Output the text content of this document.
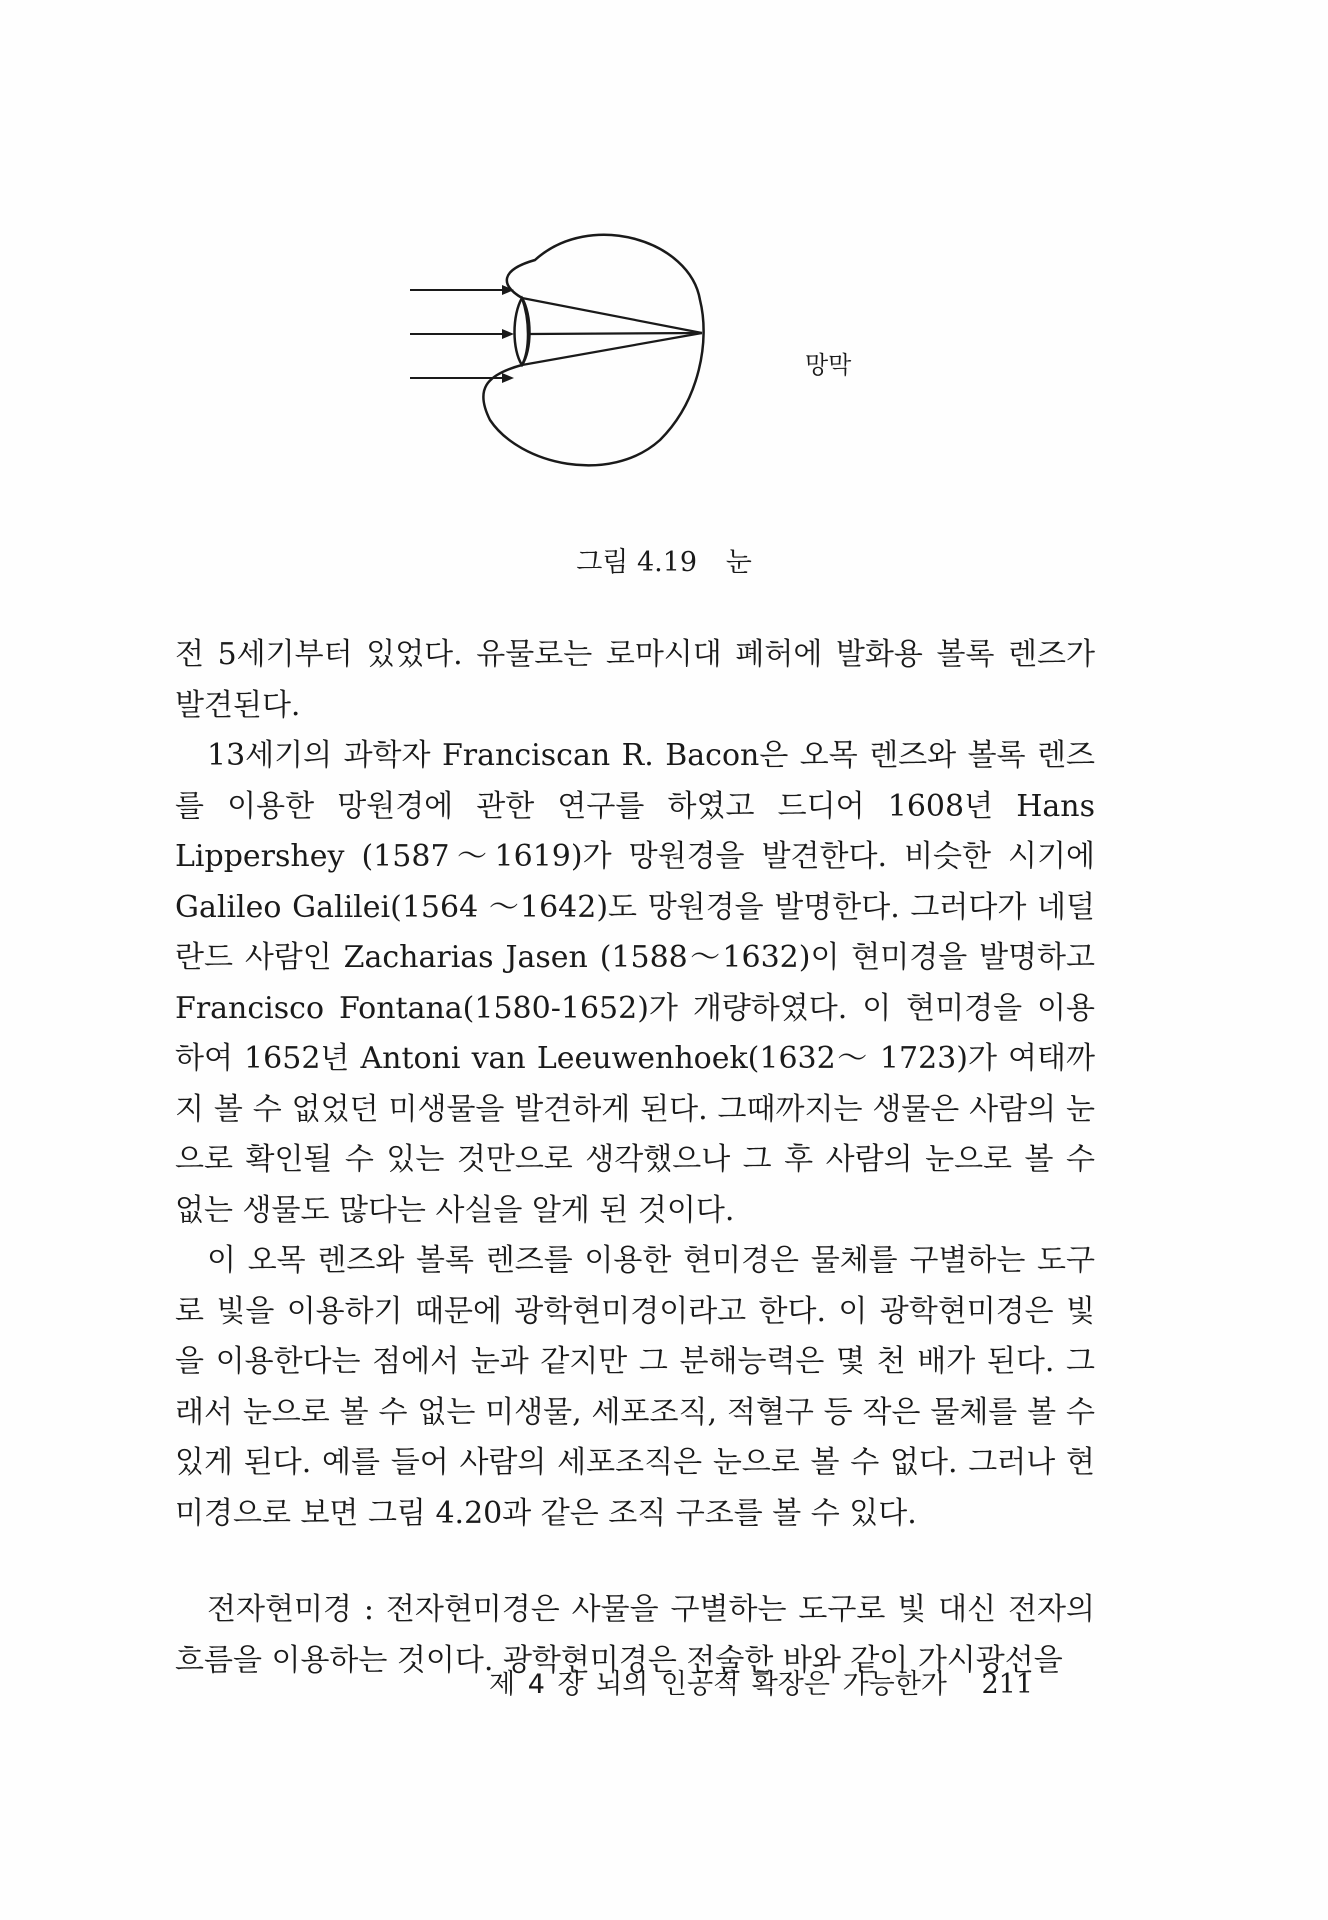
망막
그림 4.19 눈

전 5세기부터 있었다. 유물로는 로마시대 폐허에 발화용 볼록 렌즈가 발견된다.

13세기의 과학자 Franciscan R. Bacon은 오목 렌즈와 볼록 렌즈를 이용한 망원경에 관한 연구를 하였고 드디어 1608년 Hans Lippershey (1587～1619)가 망원경을 발견한다. 비슷한 시기에 Galileo Galilei(1564 ～1642)도 망원경을 발명한다. 그러다가 네덜란드 사람인 Zacharias Jasen (1588～1632)이 현미경을 발명하고 Francisco Fontana(1580-1652)가 개량하였다. 이 현미경을 이용하여 1652년 Antoni van Leeuwenhoek(1632～ 1723)가 여태까지 볼 수 없었던 미생물을 발견하게 된다. 그때까지는 생물은 사람의 눈으로 확인될 수 있는 것만으로 생각했으나 그 후 사람의 눈으로 볼 수 없는 생물도 많다는 사실을 알게 된 것이다.

이 오목 렌즈와 볼록 렌즈를 이용한 현미경은 물체를 구별하는 도구로 빛을 이용하기 때문에 광학현미경이라고 한다. 이 광학현미경은 빛을 이용한다는 점에서 눈과 같지만 그 분해능력은 몇 천 배가 된다. 그래서 눈으로 볼 수 없는 미생물, 세포조직, 적혈구 등 작은 물체를 볼 수 있게 된다. 예를 들어 사람의 세포조직은 눈으로 볼 수 없다. 그러나 현미경으로 보면 그림 4.20과 같은 조직 구조를 볼 수 있다.

전자현미경 : 전자현미경은 사물을 구별하는 도구로 빛 대신 전자의 흐름을 이용하는 것이다. 광학현미경은 전술한 바와 같이 가시광선을

제 4 장 뇌의 인공적 확장은 가능한가 211
